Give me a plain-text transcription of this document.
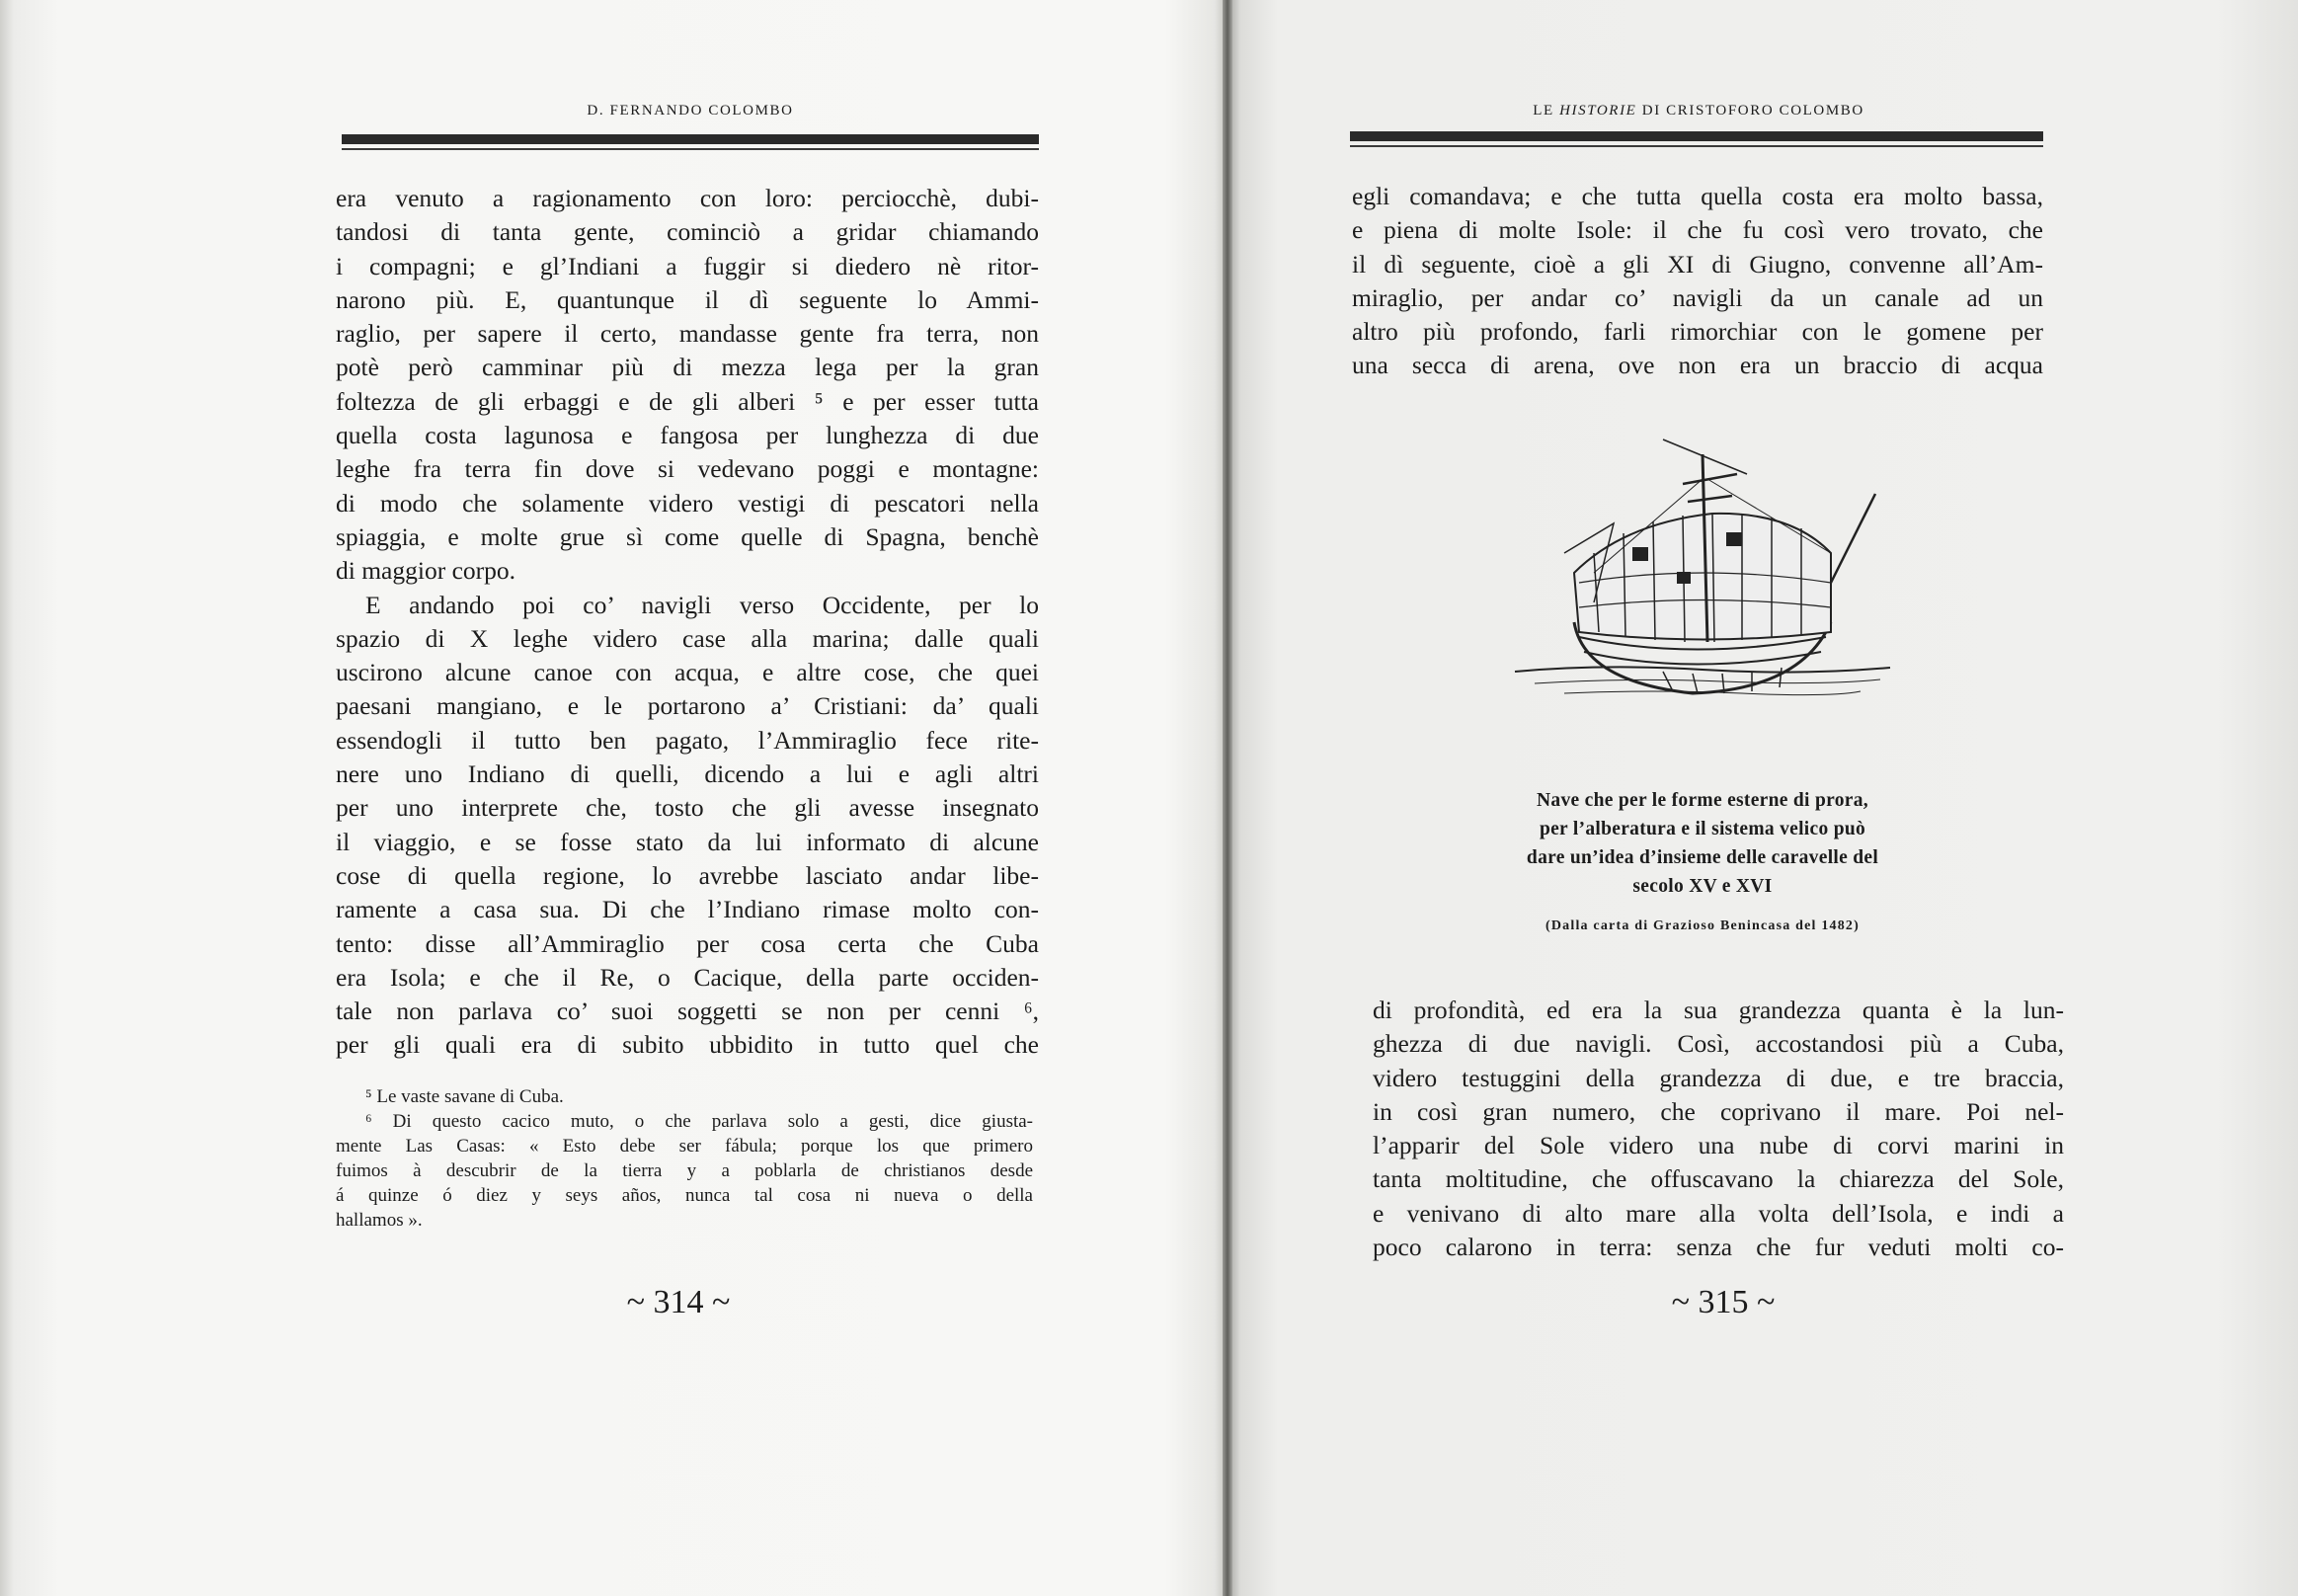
D. FERNANDO COLOMBO
era venuto a ragionamento con loro: perciocchè, dubi-
tandosi di tanta gente, cominciò a gridar chiamando
i compagni; e gl’Indiani a fuggir si diedero nè ritor-
narono più. E, quantunque il dì seguente lo Ammi-
raglio, per sapere il certo, mandasse gente fra terra, non
potè però camminar più di mezza lega per la gran
foltezza de gli erbaggi e de gli alberi ⁵ e per esser tutta
quella costa lagunosa e fangosa per lunghezza di due
leghe fra terra fin dove si vedevano poggi e montagne:
di modo che solamente videro vestigi di pescatori nella
spiaggia, e molte grue sì come quelle di Spagna, benchè
di maggior corpo.
E andando poi co’ navigli verso Occidente, per lo
spazio di X leghe videro case alla marina; dalle quali
uscirono alcune canoe con acqua, e altre cose, che quei
paesani mangiano, e le portarono a’ Cristiani: da’ quali
essendogli il tutto ben pagato, l’Ammiraglio fece rite-
nere uno Indiano di quelli, dicendo a lui e agli altri
per uno interprete che, tosto che gli avesse insegnato
il viaggio, e se fosse stato da lui informato di alcune
cose di quella regione, lo avrebbe lasciato andar libe-
ramente a casa sua. Di che l’Indiano rimase molto con-
tento: disse all’Ammiraglio per cosa certa che Cuba
era Isola; e che il Re, o Cacique, della parte occiden-
tale non parlava co’ suoi soggetti se non per cenni ⁶,
per gli quali era di subito ubbidito in tutto quel che
⁵ Le vaste savane di Cuba.
⁶ Di questo cacico muto, o che parlava solo a gesti, dice giusta-
mente Las Casas: « Esto debe ser fábula; porque los que primero
fuimos à descubrir de la tierra y a poblarla de christianos desde
á quinze ó diez y seys años, nunca tal cosa ni nueva o della
hallamos ».
~ 314 ~
LE HISTORIE DI CRISTOFORO COLOMBO
egli comandava; e che tutta quella costa era molto bassa,
e piena di molte Isole: il che fu così vero trovato, che
il dì seguente, cioè a gli XI di Giugno, convenne all’Am-
miraglio, per andar co’ navigli da un canale ad un
altro più profondo, farli rimorchiar con le gomene per
una secca di arena, ove non era un braccio di acqua
Nave che per le forme esterne di prora,
per l’alberatura e il sistema velico può
dare un’idea d’insieme delle caravelle del
secolo XV e XVI
(Dalla carta di Grazioso Benincasa del 1482)
di profondità, ed era la sua grandezza quanta è la lun-
ghezza di due navigli. Così, accostandosi più a Cuba,
videro testuggini della grandezza di due, e tre braccia,
in così gran numero, che coprivano il mare. Poi nel-
l’apparir del Sole videro una nube di corvi marini in
tanta moltitudine, che offuscavano la chiarezza del Sole,
e venivano di alto mare alla volta dell’Isola, e indi a
poco calarono in terra: senza che fur veduti molti co-
~ 315 ~
